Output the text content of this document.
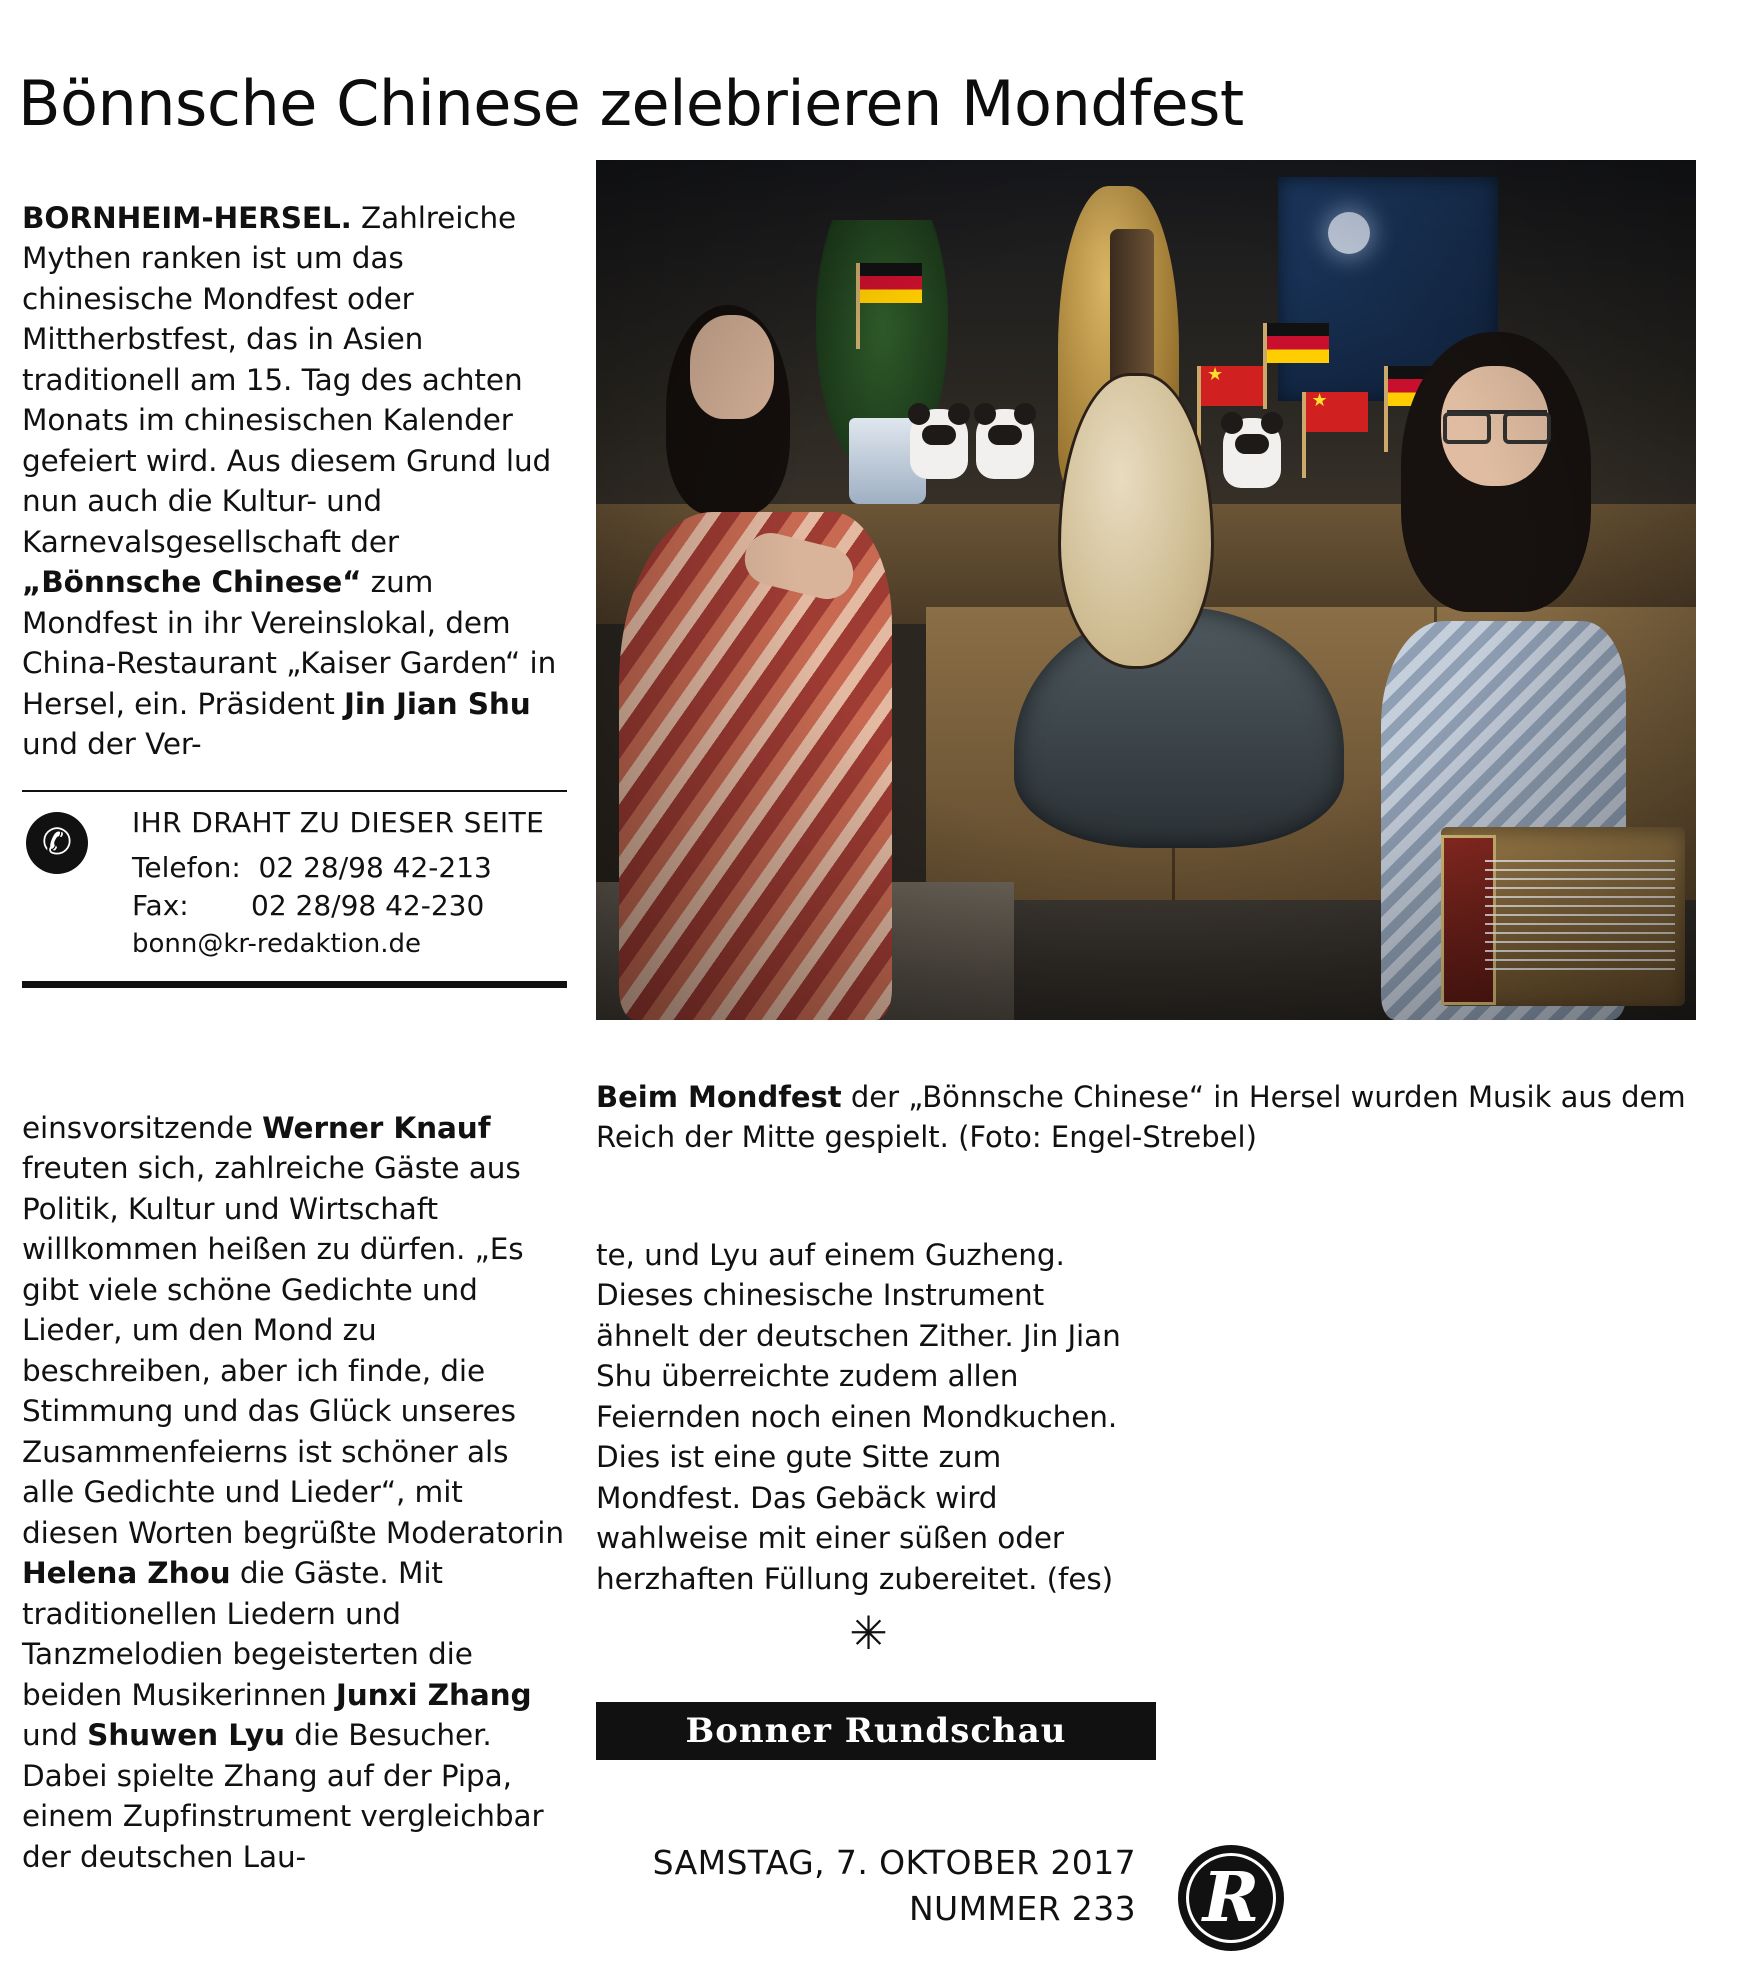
Bönnsche Chinese zelebrieren Mondfest

BORNHEIM-HERSEL. Zahlreiche Mythen ranken ist um das chinesische Mondfest oder Mittherbstfest, das in Asien traditionell am 15. Tag des achten Monats im chinesischen Kalender gefeiert wird. Aus diesem Grund lud nun auch die Kultur- und Karnevalsgesellschaft der „Bönnsche Chinese“ zum Mondfest in ihr Vereinslokal, dem China-Restaurant „Kaiser Garden“ in Hersel, ein. Präsident Jin Jian Shu und der Ver-

✆	IHR DRAHT ZU DIESER SEITE
Telefon:  02 28/98 42-213
Fax:       02 28/98 42-230
bonn@kr-redaktion.de

einsvorsitzende Werner Knauf freuten sich, zahlreiche Gäste aus Politik, Kultur und Wirtschaft willkommen heißen zu dürfen. „Es gibt viele schöne Gedichte und Lieder, um den Mond zu beschreiben, aber ich finde, die Stimmung und das Glück unseres Zusammenfeierns ist schöner als alle Gedichte und Lieder“, mit diesen Worten begrüßte Moderatorin Helena Zhou die Gäste. Mit traditionellen Liedern und Tanzmelodien begeisterten die beiden Musikerinnen Junxi Zhang und Shuwen Lyu die Besucher. Dabei spielte Zhang auf der Pipa, einem Zupfinstrument vergleichbar der deutschen Lau-

★
★

Beim Mondfest der „Bönnsche Chinese“ in Hersel wurden Musik aus dem Reich der Mitte gespielt. (Foto: Engel-Strebel)

te, und Lyu auf einem Guzheng. Dieses chinesische Instrument ähnelt der deutschen Zither. Jin Jian Shu überreichte zudem allen Feiernden noch einen Mondkuchen. Dies ist eine gute Sitte zum Mondfest. Das Gebäck wird wahlweise mit einer süßen oder herzhaften Füllung zubereitet. (fes)

✳
Bonner Rundschau
SAMSTAG, 7. OKTOBER 2017
NUMMER 233 R
